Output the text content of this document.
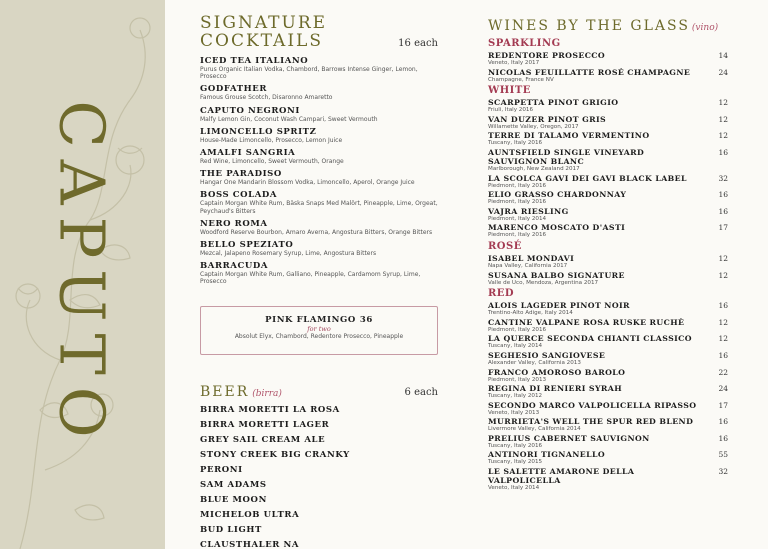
CAPUTO
SIGNATURE
COCKTAILS	16 each
ICED TEA ITALIANO
Purus Organic Italian Vodka, Chambord, Barrows Intense Ginger, Lemon, Prosecco
GODFATHER
Famous Grouse Scotch, Disaronno Amaretto
CAPUTO NEGRONI
Malfy Lemon Gin, Coconut Wash Campari, Sweet Vermouth
LIMONCELLO SPRITZ
House-Made Limoncello, Prosecco, Lemon Juice
AMALFI SANGRIA
Red Wine, Limoncello, Sweet Vermouth, Orange
THE PARADISO
Hangar One Mandarin Blossom Vodka, Limoncello, Aperol, Orange Juice
BOSS COLADA
Captain Morgan White Rum, Bäska Snaps Med Malört, Pineapple, Lime, Orgeat, Peychaud's Bitters
NERO ROMA
Woodford Reserve Bourbon, Amaro Averna, Angostura Bitters, Orange Bitters
BELLO SPEZIATO
Mezcal, Jalapeno Rosemary Syrup, Lime, Angostura Bitters
BARRACUDA
Captain Morgan White Rum, Galliano, Pineapple, Cardamom Syrup, Lime, Prosecco
PINK FLAMINGO 36
for two
Absolut Elyx, Chambord, Redentore Prosecco, Pineapple
BEER (birra)	6 each
BIRRA MORETTI LA ROSA
BIRRA MORETTI LAGER
GREY SAIL CREAM ALE
STONY CREEK BIG CRANKY
PERONI
SAM ADAMS
BLUE MOON
MICHELOB ULTRA
BUD LIGHT
CLAUSTHALER NA
WINES BY THE GLASS (vino)
SPARKLING
REDENTORE PROSECCO
Veneto, Italy 2017
14
NICOLAS FEUILLATTE ROSÉ CHAMPAGNE
Champagne, France NV
24
WHITE
SCARPETTA PINOT GRIGIO
Friuli, Italy 2016
12
VAN DUZER PINOT GRIS
Willamette Valley, Oregon, 2017
12
TERRE DI TALAMO VERMENTINO
Tuscany, Italy 2016
12
AUNTSFIELD SINGLE VINEYARD SAUVIGNON BLANC
Marlborough, New Zealand 2017
16
LA SCOLCA GAVI DEI GAVI BLACK LABEL
Piedmont, Italy 2016
32
ELIO GRASSO CHARDONNAY
Piedmont, Italy 2016
16
VAJRA RIESLING
Piedmont, Italy 2014
16
MARENCO MOSCATO D'ASTI
Piedmont, Italy 2016
17
ROSÉ
ISABEL MONDAVI
Napa Valley, California 2017
12
SUSANA BALBO SIGNATURE
Valle de Uco, Mendoza, Argentina 2017
12
RED
ALOIS LAGEDER PINOT NOIR
Trentino-Alto Adige, Italy 2014
16
CANTINE VALPANE ROSA RUSKE RUCHÈ
Piedmont, Italy 2016
12
LA QUERCE SECONDA CHIANTI CLASSICO
Tuscany, Italy 2014
12
SEGHESIO SANGIOVESE
Alexander Valley, California 2013
16
FRANCO AMOROSO BAROLO
Piedmont, Italy 2013
22
REGINA DI RENIERI SYRAH
Tuscany, Italy 2012
24
SECONDO MARCO VALPOLICELLA RIPASSO
Veneto, Italy 2013
17
MURRIETA'S WELL THE SPUR RED BLEND
Livermore Valley, California 2014
16
PRELIUS CABERNET SAUVIGNON
Tuscany, Italy 2016
16
ANTINORI TIGNANELLO
Tuscany, Italy 2015
55
LE SALETTE AMARONE DELLA VALPOLICELLA
Veneto, Italy 2014
32
